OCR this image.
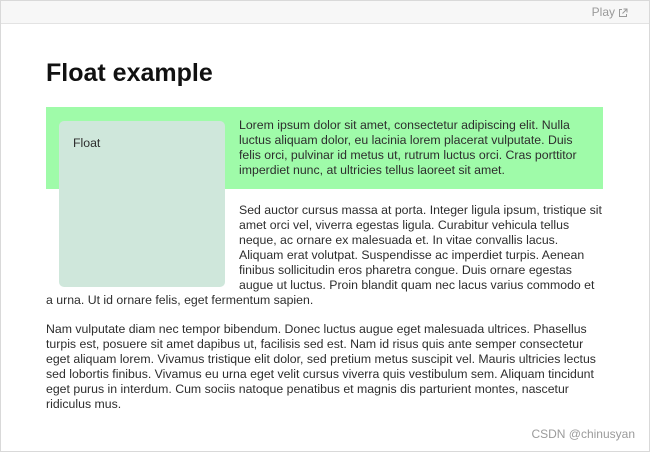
Play
Float example
Float

Lorem ipsum dolor sit amet, consectetur adipiscing elit. Nulla luctus aliquam dolor, eu lacinia lorem placerat vulputate. Duis felis orci, pulvinar id metus ut, rutrum luctus orci. Cras porttitor imperdiet nunc, at ultricies tellus laoreet sit amet.

Sed auctor cursus massa at porta. Integer ligula ipsum, tristique sit amet orci vel, viverra egestas ligula. Curabitur vehicula tellus neque, ac ornare ex malesuada et. In vitae convallis lacus. Aliquam erat volutpat. Suspendisse ac imperdiet turpis. Aenean finibus sollicitudin eros pharetra congue. Duis ornare egestas augue ut luctus. Proin blandit quam nec lacus varius commodo et a urna. Ut id ornare felis, eget fermentum sapien.

Nam vulputate diam nec tempor bibendum. Donec luctus augue eget malesuada ultrices. Phasellus turpis est, posuere sit amet dapibus ut, facilisis sed est. Nam id risus quis ante semper consectetur eget aliquam lorem. Vivamus tristique elit dolor, sed pretium metus suscipit vel. Mauris ultricies lectus sed lobortis finibus. Vivamus eu urna eget velit cursus viverra quis vestibulum sem. Aliquam tincidunt eget purus in interdum. Cum sociis natoque penatibus et magnis dis parturient montes, nascetur ridiculus mus.

CSDN @chinusyan
